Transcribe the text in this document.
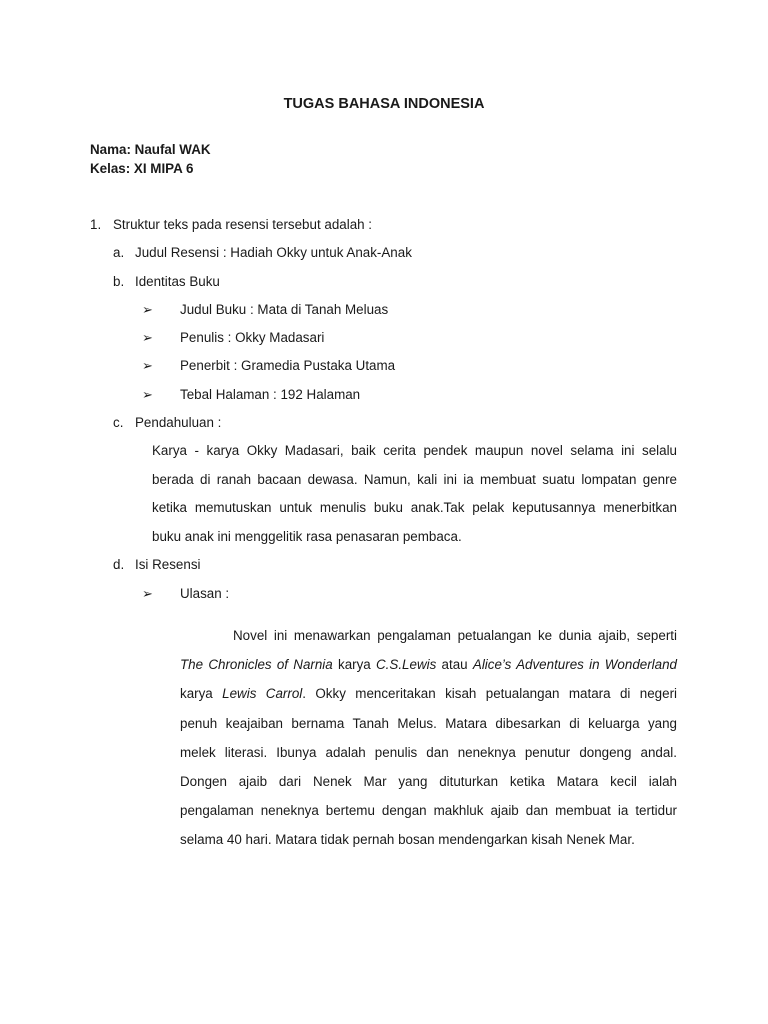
TUGAS BAHASA INDONESIA
Nama: Naufal WAK
Kelas: XI MIPA 6
1. Struktur teks pada resensi tersebut adalah :
a. Judul Resensi : Hadiah Okky untuk Anak-Anak
b. Identitas Buku
➢ Judul Buku : Mata di Tanah Meluas
➢ Penulis : Okky Madasari
➢ Penerbit : Gramedia Pustaka Utama
➢ Tebal Halaman : 192 Halaman
c. Pendahuluan :
Karya - karya Okky Madasari, baik cerita pendek maupun novel selama ini selalu
berada di ranah bacaan dewasa. Namun, kali ini ia membuat suatu lompatan genre
ketika memutuskan untuk menulis buku anak.Tak pelak keputusannya menerbitkan
buku anak ini menggelitik rasa penasaran pembaca.
d. Isi Resensi
➢ Ulasan :
Novel ini menawarkan pengalaman petualangan ke dunia ajaib, seperti
The Chronicles of Narnia karya C.S.Lewis atau Alice’s Adventures in Wonderland
karya Lewis Carrol. Okky menceritakan kisah petualangan matara di negeri
penuh keajaiban bernama Tanah Melus. Matara dibesarkan di keluarga yang
melek literasi. Ibunya adalah penulis dan neneknya penutur dongeng andal.
Dongen ajaib dari Nenek Mar yang dituturkan ketika Matara kecil ialah
pengalaman neneknya bertemu dengan makhluk ajaib dan membuat ia tertidur
selama 40 hari. Matara tidak pernah bosan mendengarkan kisah Nenek Mar.
